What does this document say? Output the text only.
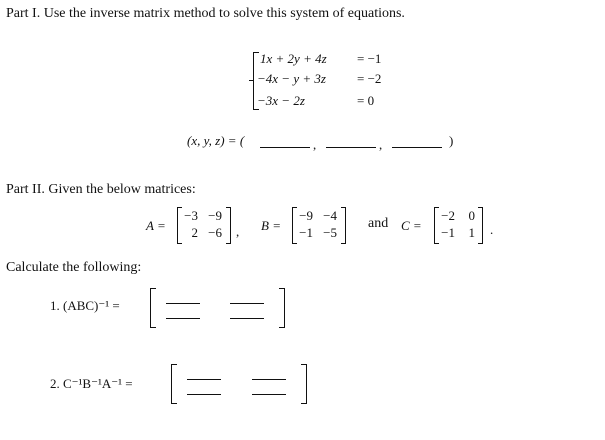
Part I. Use the inverse matrix method to solve this system of equations.
1x + 2y + 4z = −1
−4x − y + 3z = −2
−3x − 2z	= 0
(x, y, z) = (	,	,	)
Part II. Given the below matrices:
A =
−3 −9
2 −6 , B =
−9 −4
−1 −5
and C =
−2	0
−1	1 .
Calculate the following:
1. (ABC)⁻¹ =
2. C⁻¹B⁻¹A⁻¹ =
